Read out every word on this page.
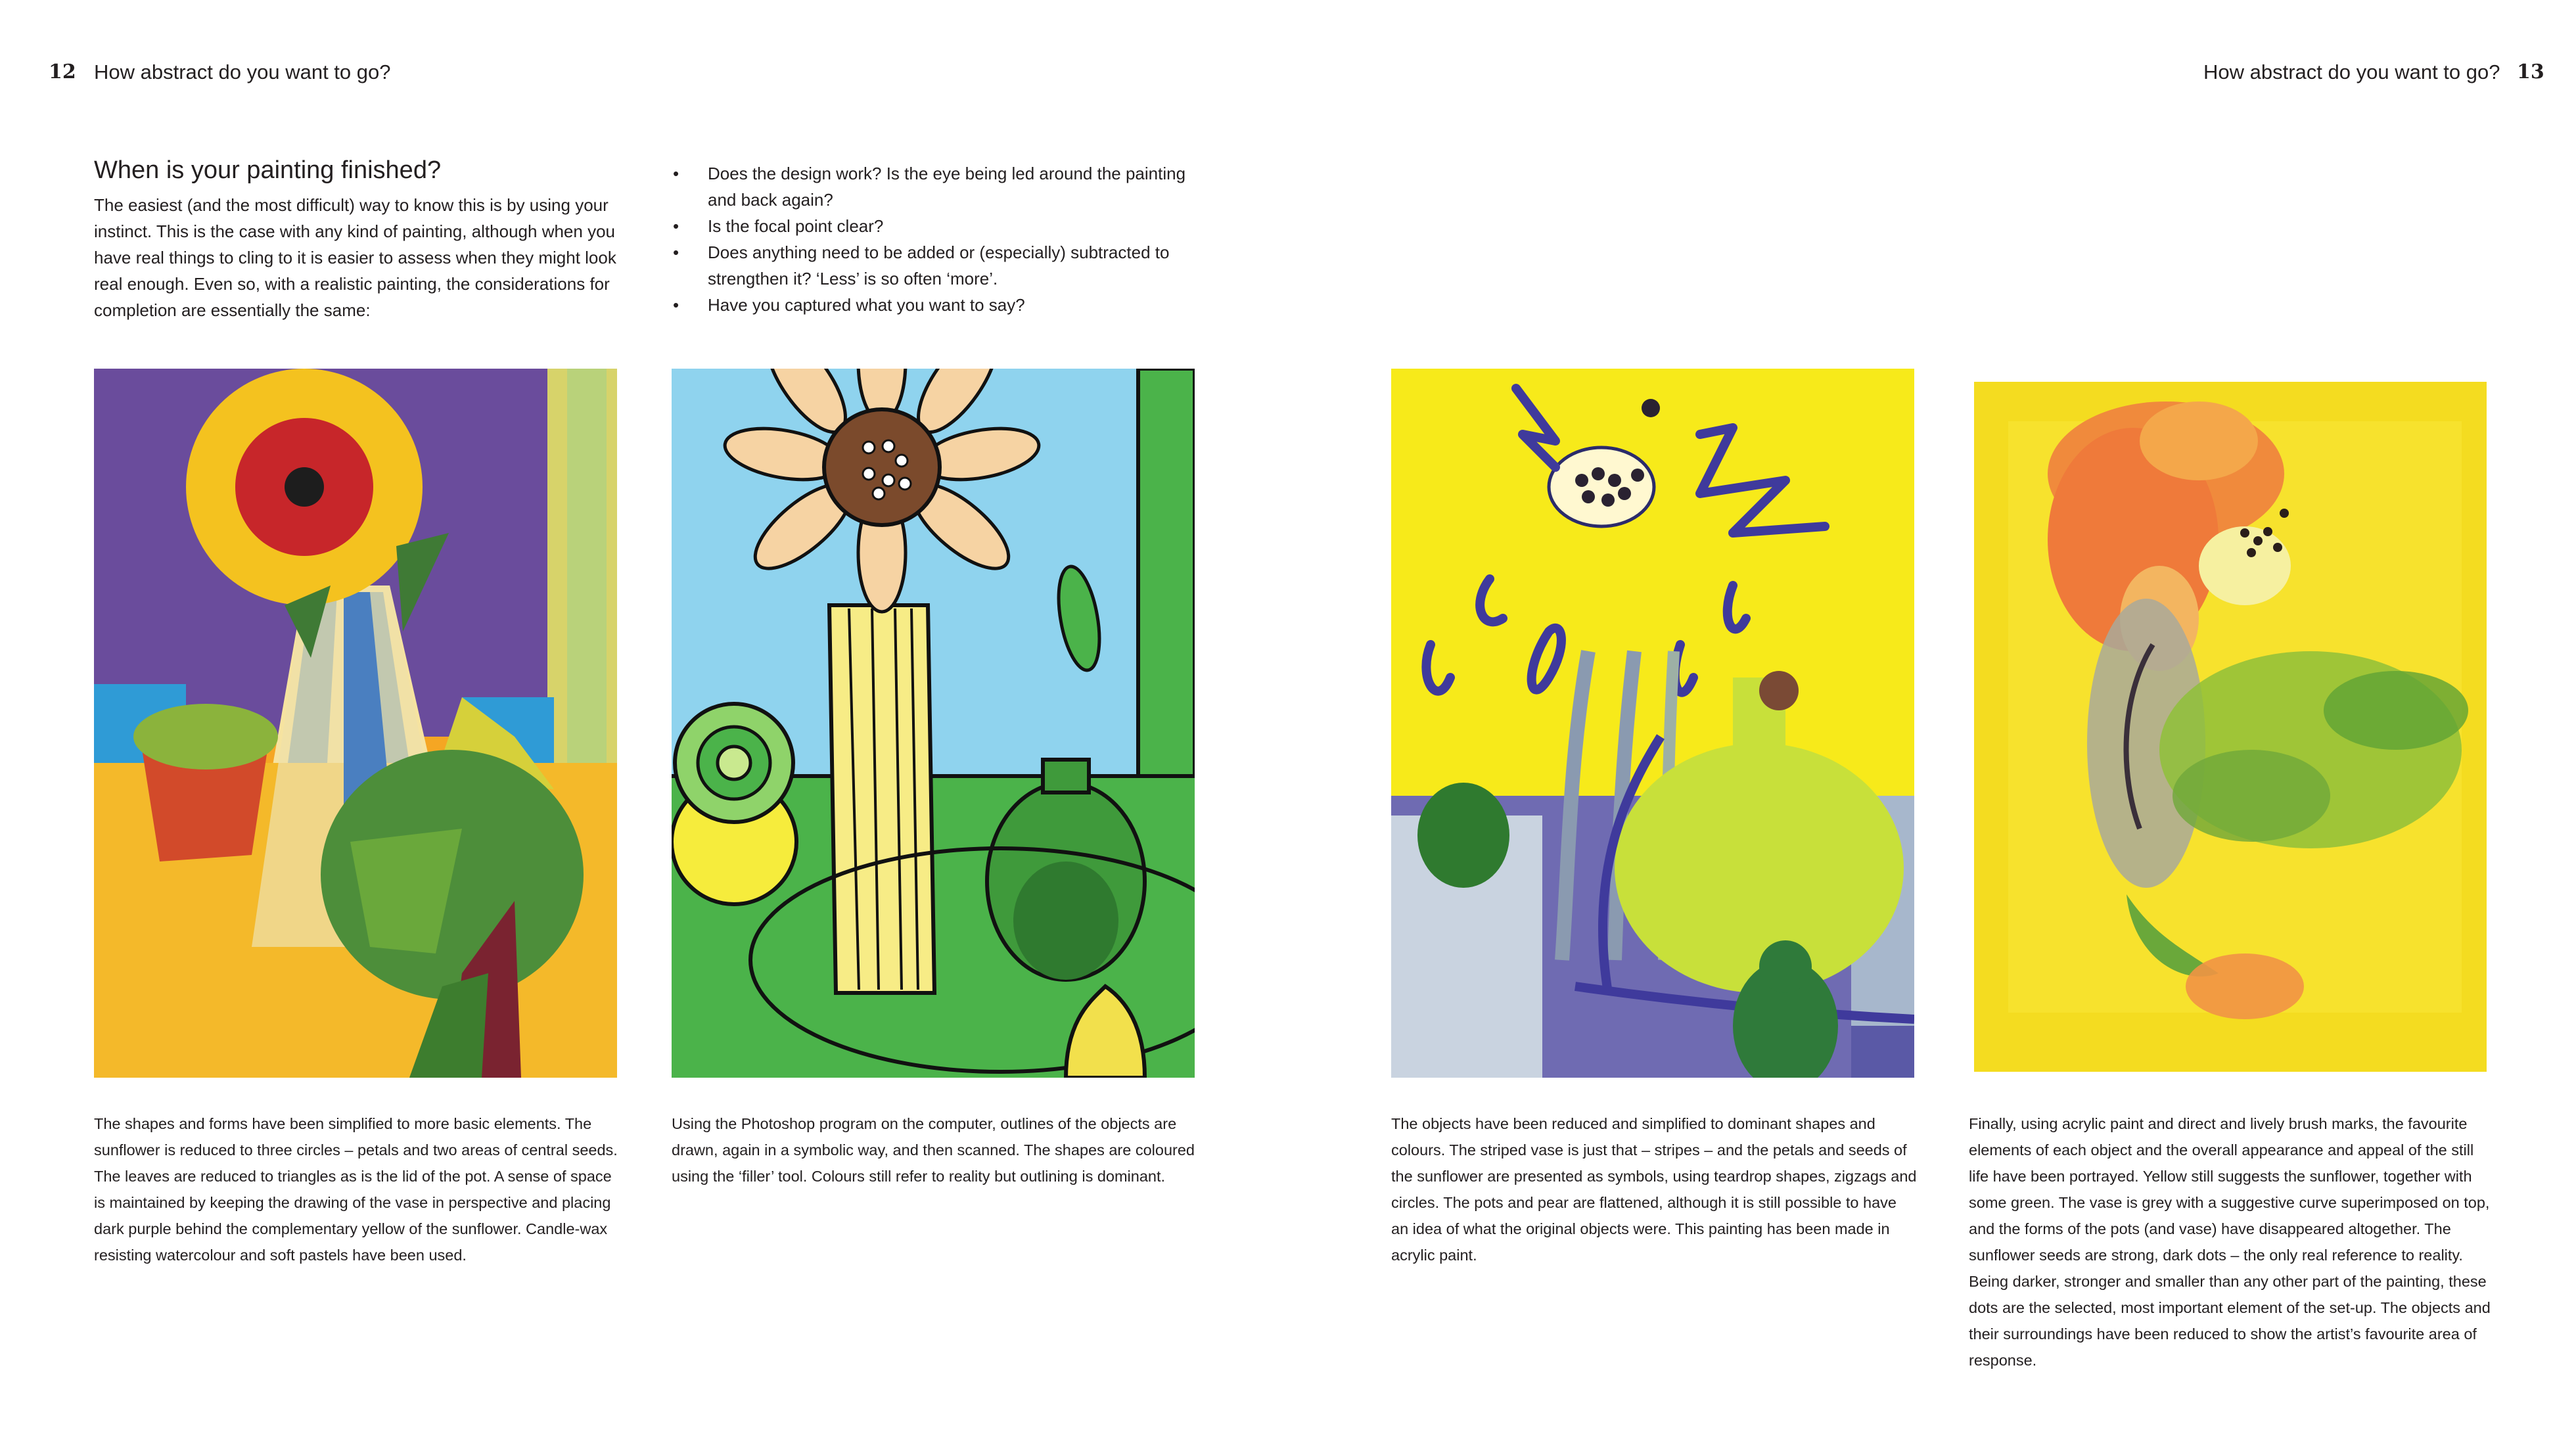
12 How abstract do you want to go?
When is your painting finished?

The easiest (and the most difficult) way to know this is by using your instinct. This is the case with any kind of painting, although when you have real things to cling to it is easier to assess when they might look real enough. Even so, with a realistic painting, the considerations for completion are essentially the same:

• Does the design work? Is the eye being led around the painting and back again?
• Is the focal point clear?
• Does anything need to be added or (especially) subtracted to strengthen it? ‘Less’ is so often ‘more’.
• Have you captured what you want to say?

The shapes and forms have been simplified to more basic elements. The sunflower is reduced to three circles – petals and two areas of central seeds. The leaves are reduced to triangles as is the lid of the pot. A sense of space is maintained by keeping the drawing of the vase in perspective and placing dark purple behind the complementary yellow of the sunflower. Candle-wax resisting watercolour and soft pastels have been used.

Using the Photoshop program on the computer, outlines of the objects are drawn, again in a symbolic way, and then scanned. The shapes are coloured using the ‘filler’ tool. Colours still refer to reality but outlining is dominant.

How abstract do you want to go? 13

The objects have been reduced and simplified to dominant shapes and colours. The striped vase is just that – stripes – and the petals and seeds of the sunflower are presented as symbols, using teardrop shapes, zigzags and circles. The pots and pear are flattened, although it is still possible to have an idea of what the original objects were. This painting has been made in acrylic paint.

Finally, using acrylic paint and direct and lively brush marks, the favourite elements of each object and the overall appearance and appeal of the still life have been portrayed. Yellow still suggests the sunflower, together with some green. The vase is grey with a suggestive curve superimposed on top, and the forms of the pots (and vase) have disappeared altogether. The sunflower seeds are strong, dark dots – the only real reference to reality. Being darker, stronger and smaller than any other part of the painting, these dots are the selected, most important element of the set-up. The objects and their surroundings have been reduced to show the artist’s favourite area of response.
